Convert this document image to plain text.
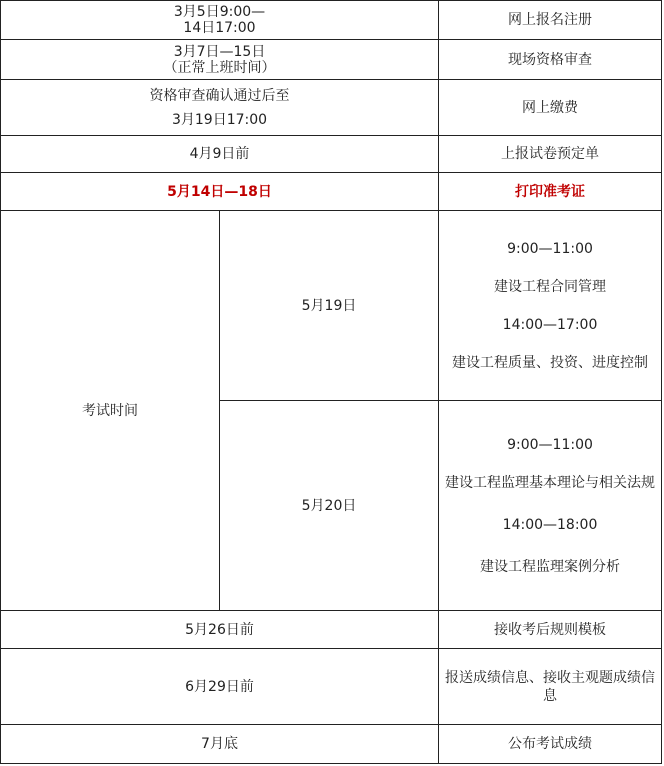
3月5日9:00—
14日17:00		网上报名注册

3月7日—15日
（正常上班时间）		现场资格审查

资格审查确认通过后至
3月19日17:00		网上缴费
4月9日前		上报试卷预定单
5月14日—18日		打印准考证
考试时间	5月19日	9:00—11:00
建设工程合同管理
14:00—17:00
建设工程质量、投资、进度控制

	5月20日	9:00—11:00
建设工程监理基本理论与相关法规
14:00—18:00
建设工程监理案例分析

5月26日前		接收考后规则模板
6月29日前		报送成绩信息、接收主观题成绩信息
7月底		公布考试成绩
